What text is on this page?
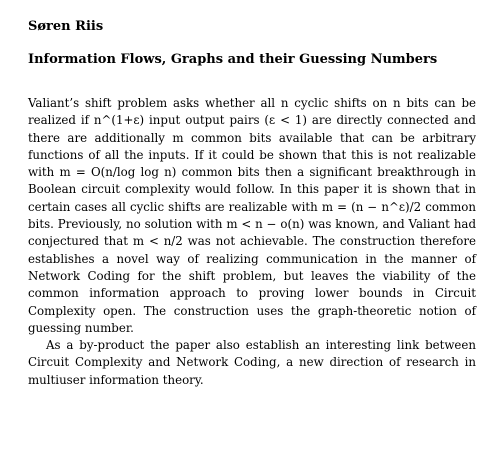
Søren Riis
Information Flows, Graphs and their Guessing Numbers

Valiant’s shift problem asks whether all n cyclic shifts on n bits can be realized if n^(1+ε) input output pairs (ε < 1) are directly connected and there are additionally m common bits available that can be arbitrary functions of all the inputs. If it could be shown that this is not realizable with m = O(n/log log n) common bits then a significant breakthrough in Boolean circuit complexity would follow. In this paper it is shown that in certain cases all cyclic shifts are realizable with m = (n − n^ε)/2 common bits. Previously, no solution with m < n − o(n) was known, and Valiant had conjectured that m < n/2 was not achievable. The construction therefore establishes a novel way of realizing communication in the manner of Network Coding for the shift problem, but leaves the viability of the common information approach to proving lower bounds in Circuit Complexity open. The construction uses the graph-theoretic notion of guessing number.

As a by-product the paper also establish an interesting link between Circuit Complexity and Network Coding, a new direction of research in multiuser information theory.
